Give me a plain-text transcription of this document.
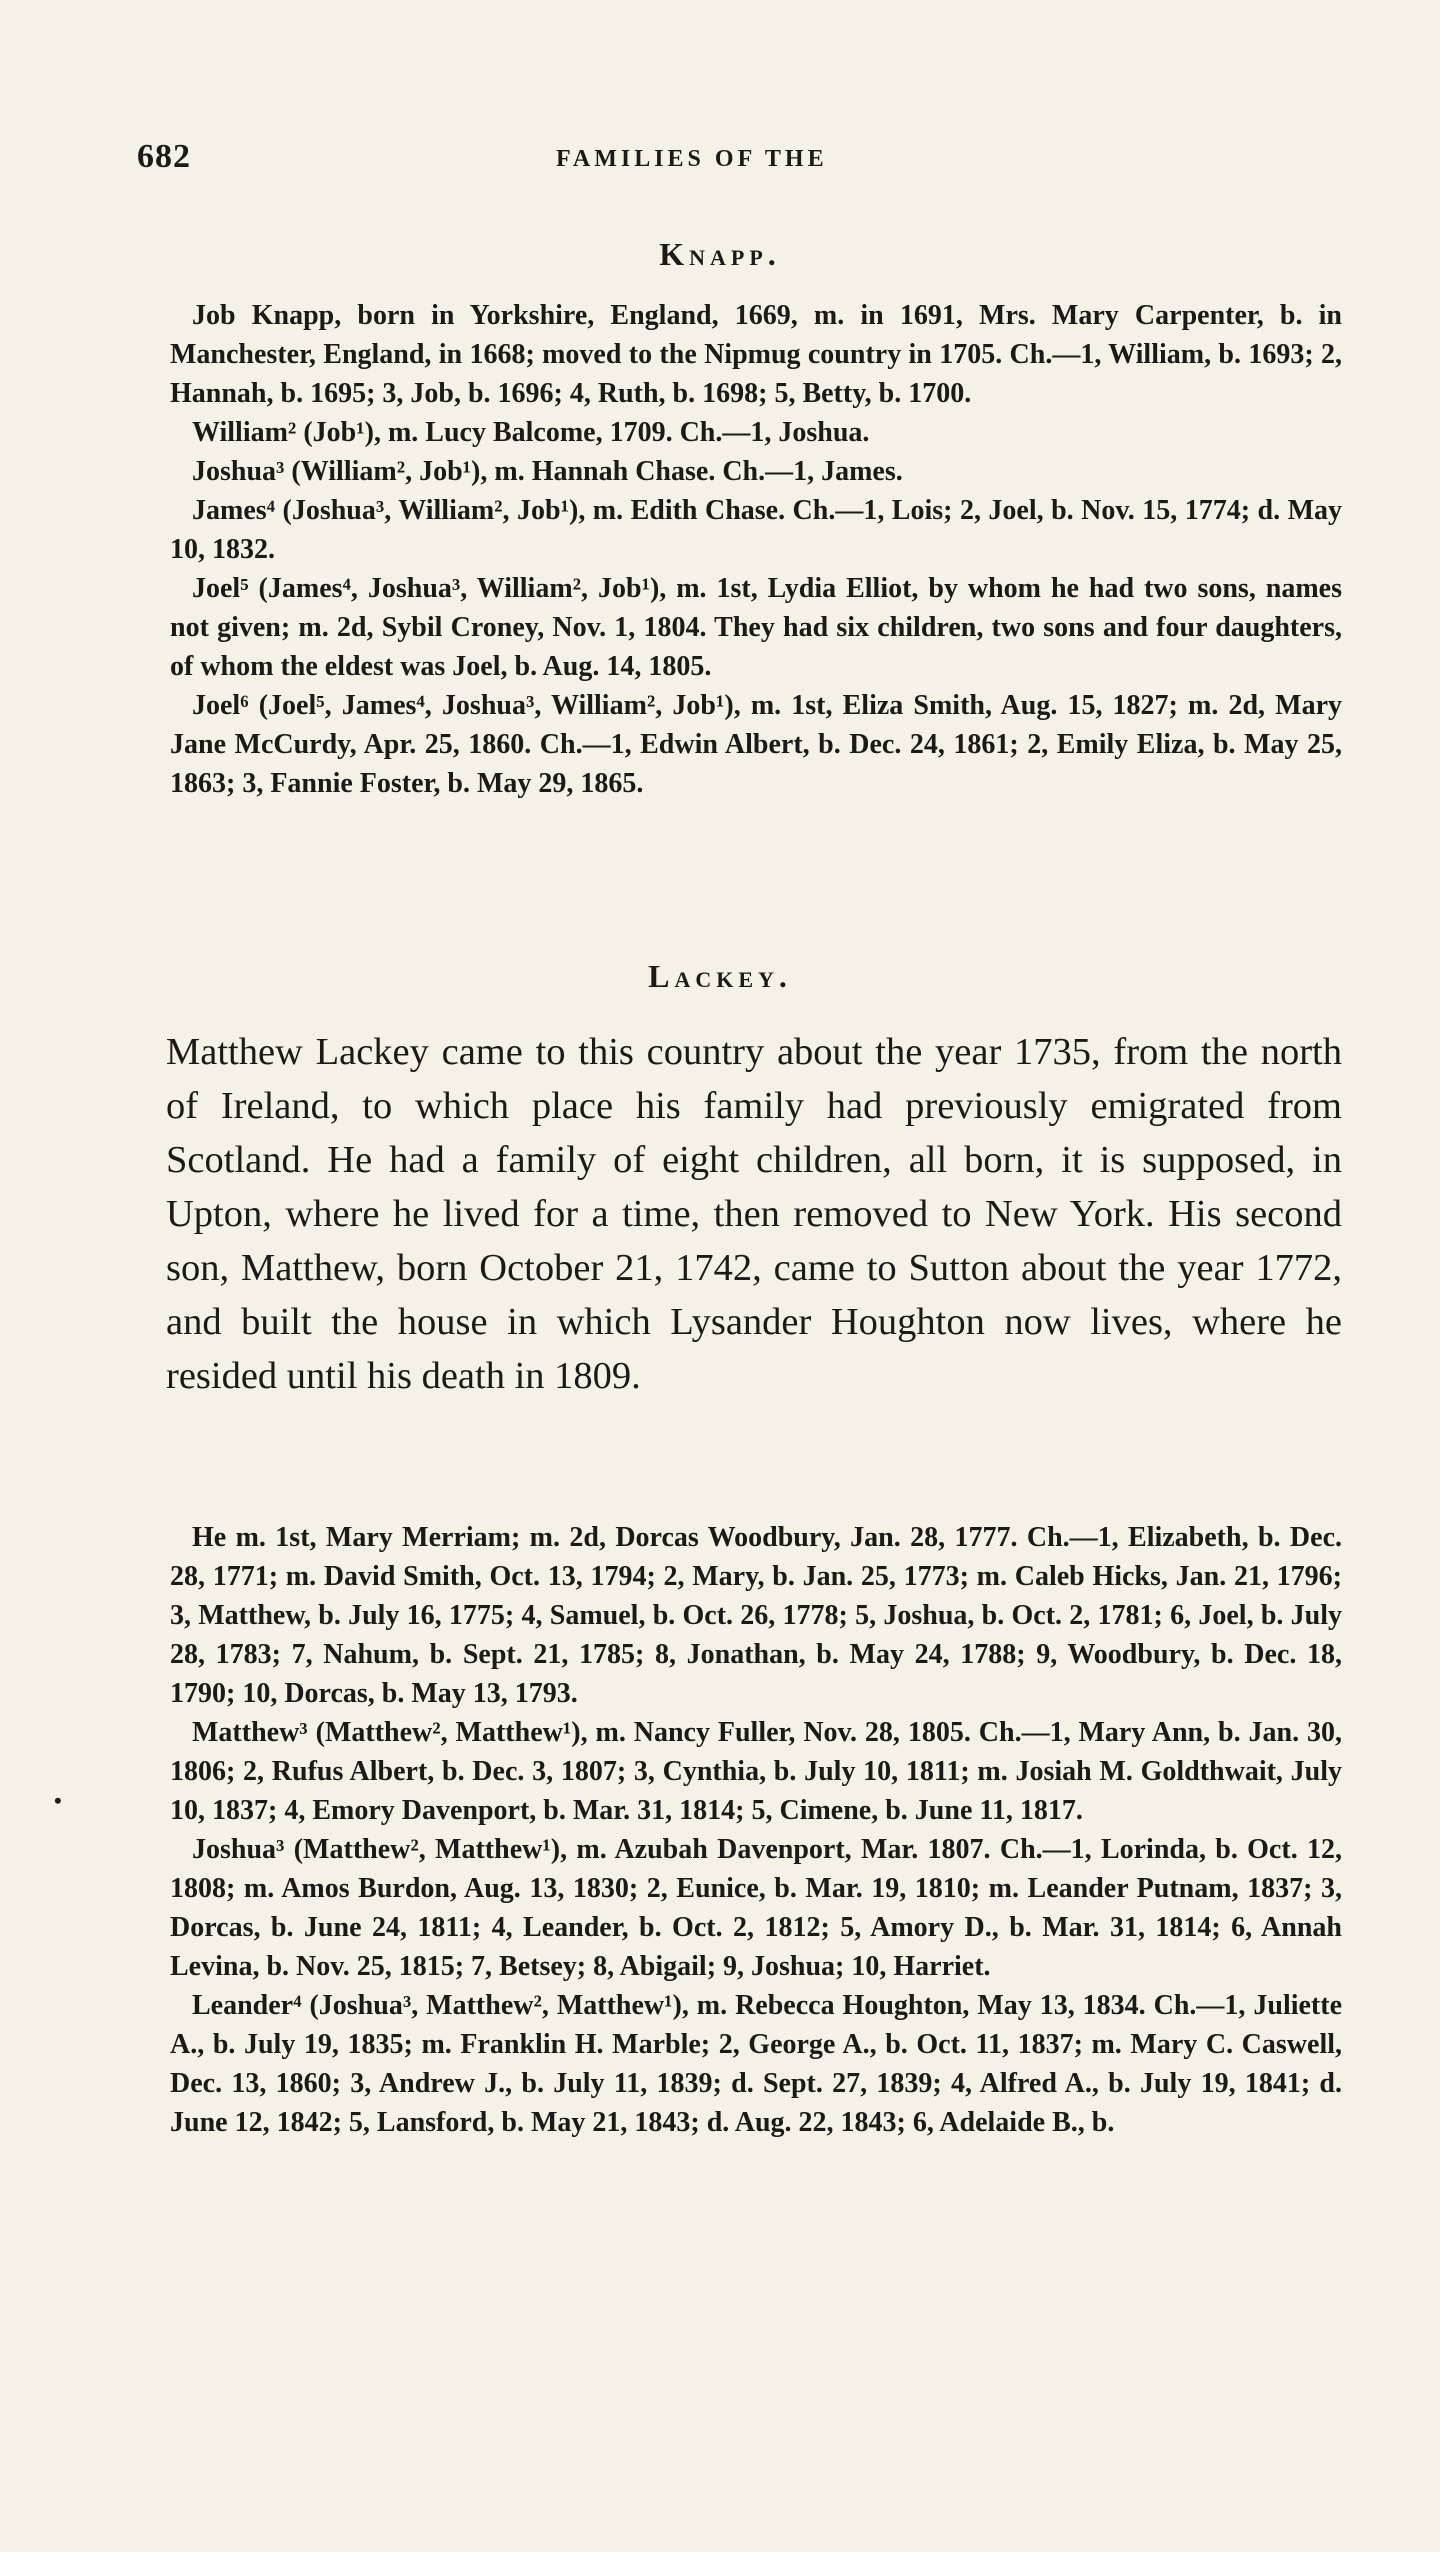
682	FAMILIES OF THE
Knapp.

Job Knapp, born in Yorkshire, England, 1669, m. in 1691, Mrs. Mary Carpenter, b. in Manchester, England, in 1668; moved to the Nipmug country in 1705. Ch.—1, William, b. 1693; 2, Hannah, b. 1695; 3, Job, b. 1696; 4, Ruth, b. 1698; 5, Betty, b. 1700.

William² (Job¹), m. Lucy Balcome, 1709. Ch.—1, Joshua.

Joshua³ (William², Job¹), m. Hannah Chase. Ch.—1, James.

James⁴ (Joshua³, William², Job¹), m. Edith Chase. Ch.—1, Lois; 2, Joel, b. Nov. 15, 1774; d. May 10, 1832.

Joel⁵ (James⁴, Joshua³, William², Job¹), m. 1st, Lydia Elliot, by whom he had two sons, names not given; m. 2d, Sybil Croney, Nov. 1, 1804. They had six children, two sons and four daughters, of whom the eldest was Joel, b. Aug. 14, 1805.

Joel⁶ (Joel⁵, James⁴, Joshua³, William², Job¹), m. 1st, Eliza Smith, Aug. 15, 1827; m. 2d, Mary Jane McCurdy, Apr. 25, 1860. Ch.—1, Edwin Albert, b. Dec. 24, 1861; 2, Emily Eliza, b. May 25, 1863; 3, Fannie Foster, b. May 29, 1865.

Lackey.

Matthew Lackey came to this country about the year 1735, from the north of Ireland, to which place his family had previously emigrated from Scotland. He had a family of eight children, all born, it is supposed, in Upton, where he lived for a time, then removed to New York. His second son, Matthew, born October 21, 1742, came to Sutton about the year 1772, and built the house in which Lysander Houghton now lives, where he resided until his death in 1809.

He m. 1st, Mary Merriam; m. 2d, Dorcas Woodbury, Jan. 28, 1777. Ch.—1, Elizabeth, b. Dec. 28, 1771; m. David Smith, Oct. 13, 1794; 2, Mary, b. Jan. 25, 1773; m. Caleb Hicks, Jan. 21, 1796; 3, Matthew, b. July 16, 1775; 4, Samuel, b. Oct. 26, 1778; 5, Joshua, b. Oct. 2, 1781; 6, Joel, b. July 28, 1783; 7, Nahum, b. Sept. 21, 1785; 8, Jonathan, b. May 24, 1788; 9, Woodbury, b. Dec. 18, 1790; 10, Dorcas, b. May 13, 1793.

Matthew³ (Matthew², Matthew¹), m. Nancy Fuller, Nov. 28, 1805. Ch.—1, Mary Ann, b. Jan. 30, 1806; 2, Rufus Albert, b. Dec. 3, 1807; 3, Cynthia, b. July 10, 1811; m. Josiah M. Goldthwait, July 10, 1837; 4, Emory Davenport, b. Mar. 31, 1814; 5, Cimene, b. June 11, 1817.

Joshua³ (Matthew², Matthew¹), m. Azubah Davenport, Mar. 1807. Ch.—1, Lorinda, b. Oct. 12, 1808; m. Amos Burdon, Aug. 13, 1830; 2, Eunice, b. Mar. 19, 1810; m. Leander Putnam, 1837; 3, Dorcas, b. June 24, 1811; 4, Leander, b. Oct. 2, 1812; 5, Amory D., b. Mar. 31, 1814; 6, Annah Levina, b. Nov. 25, 1815; 7, Betsey; 8, Abigail; 9, Joshua; 10, Harriet.

Leander⁴ (Joshua³, Matthew², Matthew¹), m. Rebecca Houghton, May 13, 1834. Ch.—1, Juliette A., b. July 19, 1835; m. Franklin H. Marble; 2, George A., b. Oct. 11, 1837; m. Mary C. Caswell, Dec. 13, 1860; 3, Andrew J., b. July 11, 1839; d. Sept. 27, 1839; 4, Alfred A., b. July 19, 1841; d. June 12, 1842; 5, Lansford, b. May 21, 1843; d. Aug. 22, 1843; 6, Adelaide B., b.

•
